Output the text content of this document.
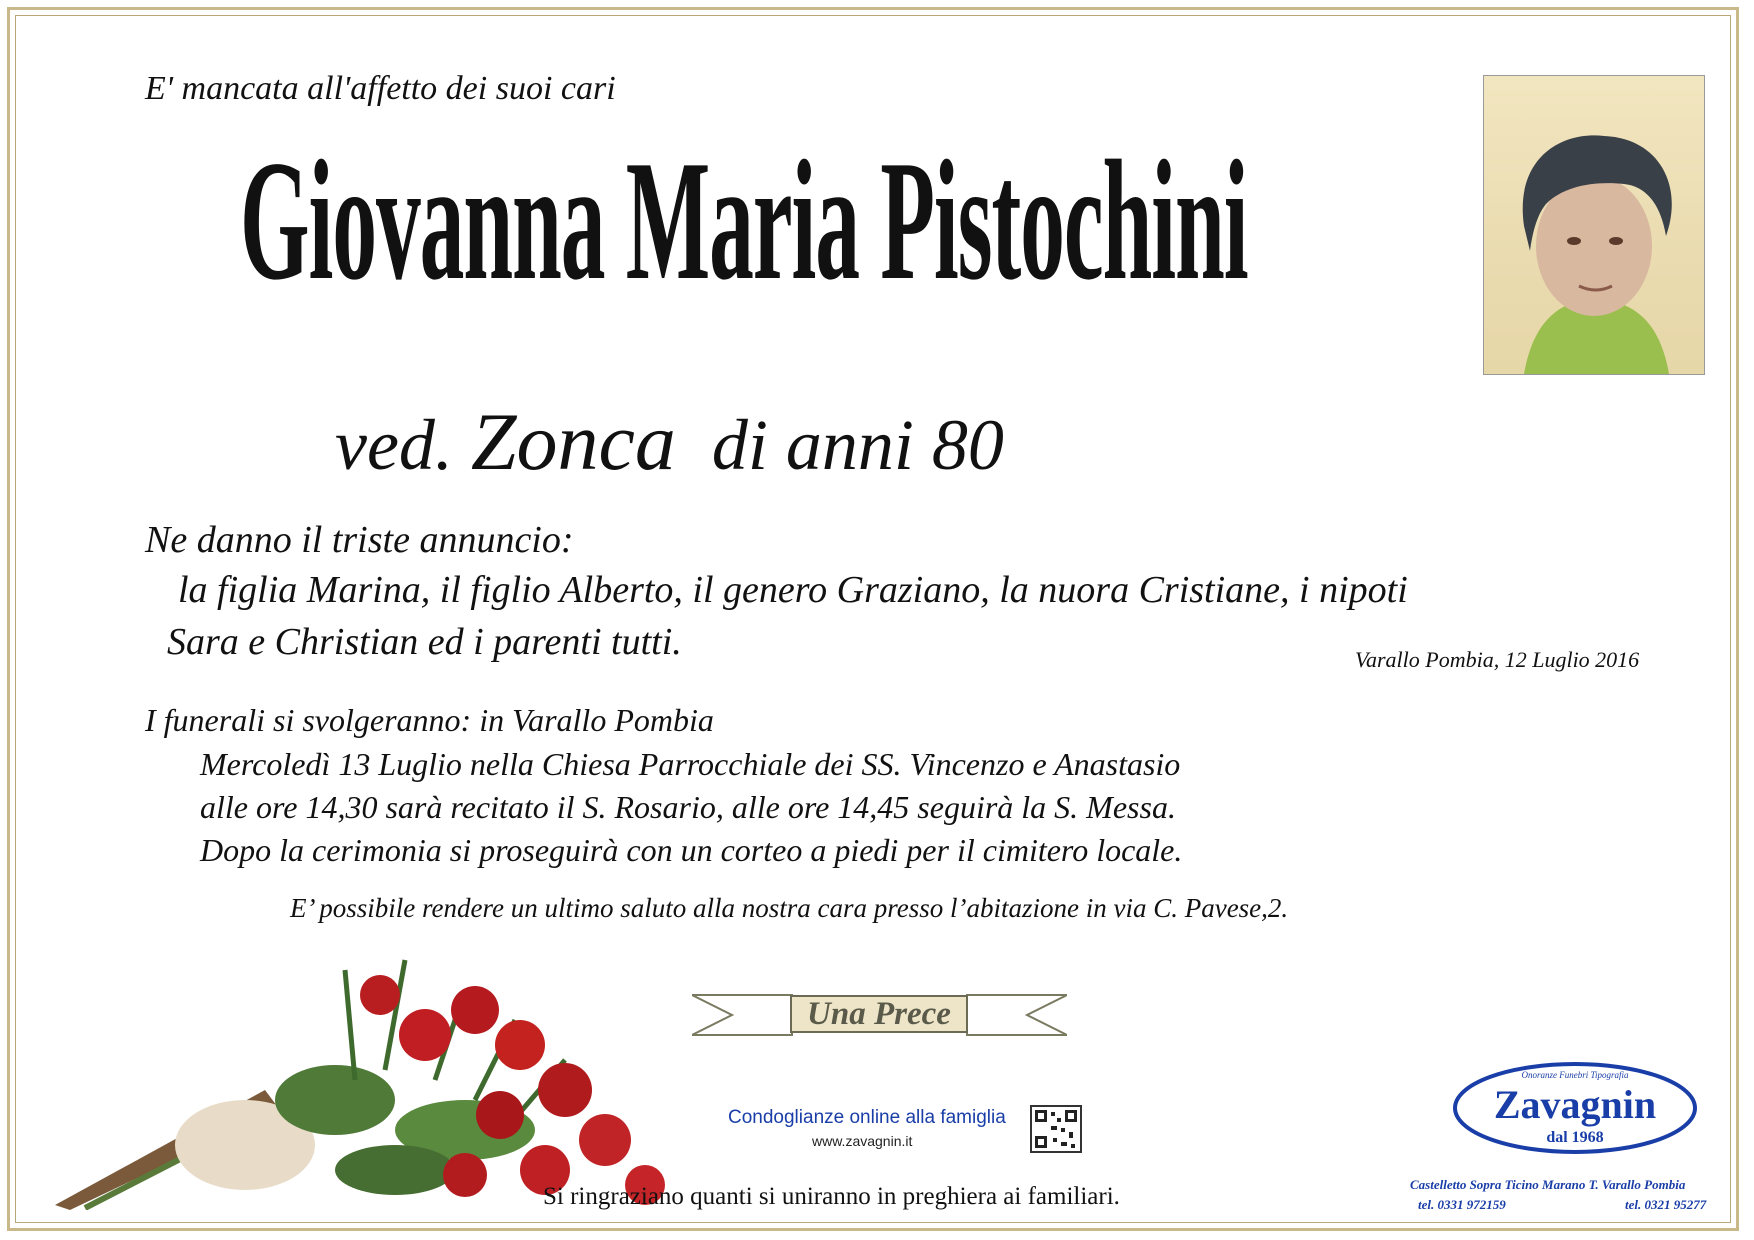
E' mancata all'affetto dei suoi cari
Giovanna Maria Pistochini
ved. Zonca di anni 80
Ne danno il triste annuncio:
la figlia Marina, il figlio Alberto, il genero Graziano, la nuora Cristiane, i nipoti
Sara e Christian ed i parenti tutti.	Varallo Pombia, 12 Luglio 2016
I funerali si svolgeranno: in Varallo Pombia
Mercoledì 13 Luglio nella Chiesa Parrocchiale dei SS. Vincenzo e Anastasio
alle ore 14,30 sarà recitato il S. Rosario, alle ore 14,45 seguirà la S. Messa.
Dopo la cerimonia si proseguirà con un corteo a piedi per il cimitero locale.
E’ possibile rendere un ultimo saluto alla nostra cara presso l’abitazione in via C. Pavese,2.
Una Prece
Condoglianze online alla famiglia
www.zavagnin.it
Si ringraziano quanti si uniranno in preghiera ai familiari.
Onoranze Funebri Tipografia
Zavagnin
dal 1968
Castelletto Sopra Ticino Marano T. Varallo Pombia
tel. 0331 972159	tel. 0321 95277
